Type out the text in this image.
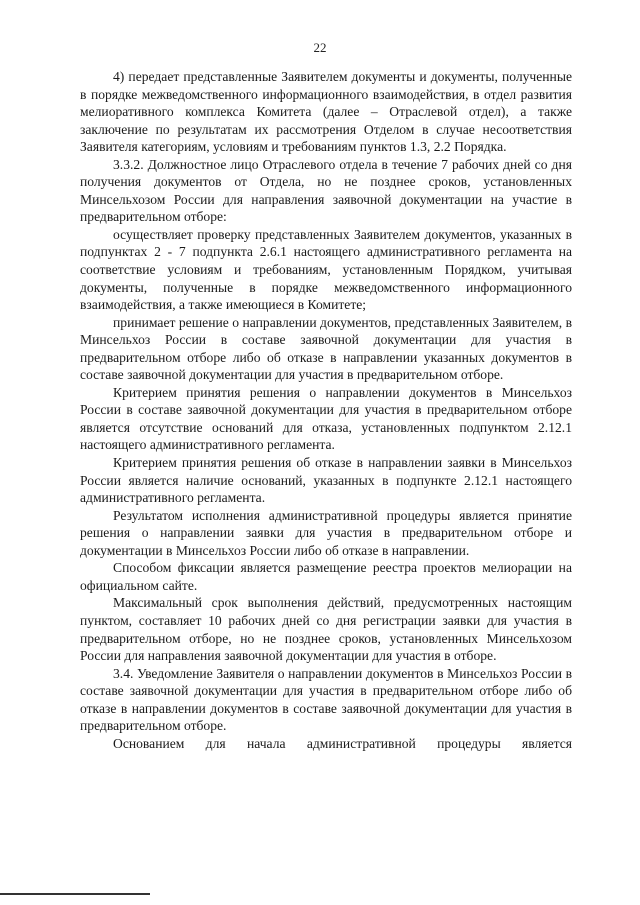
22

4) передает представленные Заявителем документы и документы, полученные в порядке межведомственного информационного взаимодействия, в отдел развития мелиоративного комплекса Комитета (далее – Отраслевой отдел), а также заключение по результатам их рассмотрения Отделом в случае несоответствия Заявителя категориям, условиям и требованиям пунктов 1.3, 2.2 Порядка.

3.3.2. Должностное лицо Отраслевого отдела в течение 7 рабочих дней со дня получения документов от Отдела, но не позднее сроков, установленных Минсельхозом России для направления заявочной документации на участие в предварительном отборе:

осуществляет проверку представленных Заявителем документов, указанных в подпунктах 2 - 7 подпункта 2.6.1 настоящего административного регламента на соответствие условиям и требованиям, установленным Порядком, учитывая документы, полученные в порядке межведомственного информационного взаимодействия, а также имеющиеся в Комитете;

принимает решение о направлении документов, представленных Заявителем, в Минсельхоз России в составе заявочной документации для участия в предварительном отборе либо об отказе в направлении указанных документов в составе заявочной документации для участия в предварительном отборе.

Критерием принятия решения о направлении документов в Минсельхоз России в составе заявочной документации для участия в предварительном отборе является отсутствие оснований для отказа, установленных подпунктом 2.12.1 настоящего административного регламента.

Критерием принятия решения об отказе в направлении заявки в Минсельхоз России является наличие оснований, указанных в подпункте 2.12.1 настоящего административного регламента.

Результатом исполнения административной процедуры является принятие решения о направлении заявки для участия в предварительном отборе и документации в Минсельхоз России либо об отказе в направлении.

Способом фиксации является размещение реестра проектов мелиорации на официальном сайте.

Максимальный срок выполнения действий, предусмотренных настоящим пунктом, составляет 10 рабочих дней со дня регистрации заявки для участия в предварительном отборе, но не позднее сроков, установленных Минсельхозом России для направления заявочной документации для участия в отборе.

3.4. Уведомление Заявителя о направлении документов в Минсельхоз России в составе заявочной документации для участия в предварительном отборе либо об отказе в направлении документов в составе заявочной документации для участия в предварительном отборе.

Основанием для начала административной процедуры является
